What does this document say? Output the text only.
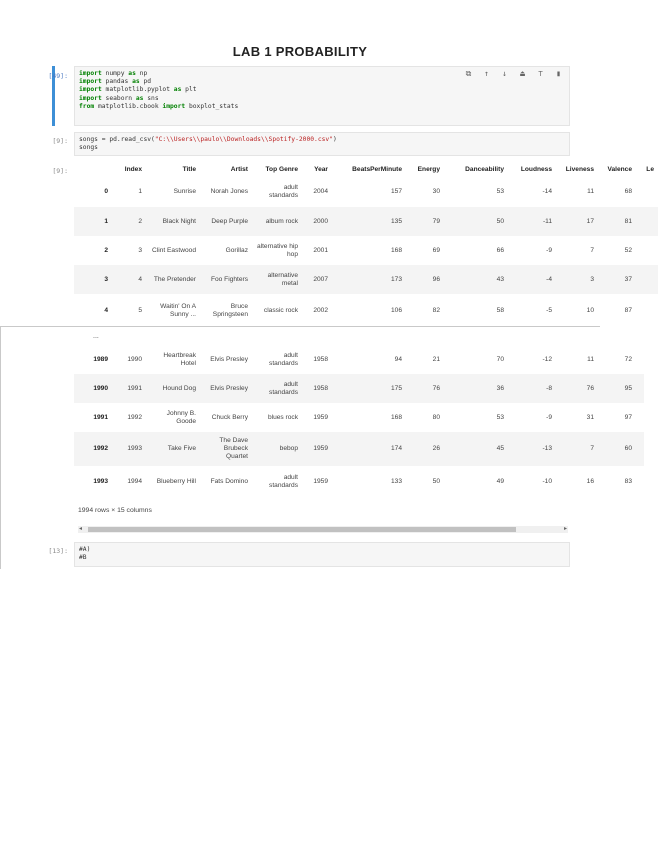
LAB 1 PROBABILITY
[49]: import numpy as np
import pandas as pd
import matplotlib.pyplot as plt
import seaborn as sns
from matplotlib.cbook import boxplot_stats
⧉ ↑ ↓ ⏏ ⊤ ▮
[9]: songs = pd.read_csv("C:\\Users\\paulo\\Downloads\\Spotify-2000.csv")
songs
[9]:
		Index	Title	Artist	Top Genre	Year	BeatsPerMinute	Energy	Danceability	Loudness	Liveness	Valence	Le
0	1	Sunrise	Norah Jones	adult standards	2004	157	30	53	-14	11	68	
1	2	Black Night	Deep Purple	album rock	2000	135	79	50	-11	17	81	
2	3	Clint Eastwood	Gorillaz	alternative hip hop	2001	168	69	66	-9	7	52	
3	4	The Pretender	Foo Fighters	alternative metal	2007	173	96	43	-4	3	37	
4	5	Waitin' On A Sunny ...	Bruce Springsteen	classic rock	2002	106	82	58	-5	10	87	
...
1989	1990	Heartbreak Hotel	Elvis Presley	adult standards	1958	94	21	70	-12	11	72	
1990	1991	Hound Dog	Elvis Presley	adult standards	1958	175	76	36	-8	76	95	
1991	1992	Johnny B. Goode	Chuck Berry	blues rock	1959	168	80	53	-9	31	97	
1992	1993	Take Five	The Dave Brubeck Quartet	bebop	1959	174	26	45	-13	7	60	
1993	1994	Blueberry Hill	Fats Domino	adult standards	1959	133	50	49	-10	16	83	
1994 rows × 15 columns
◂	▸
[13]: #A)
#B
